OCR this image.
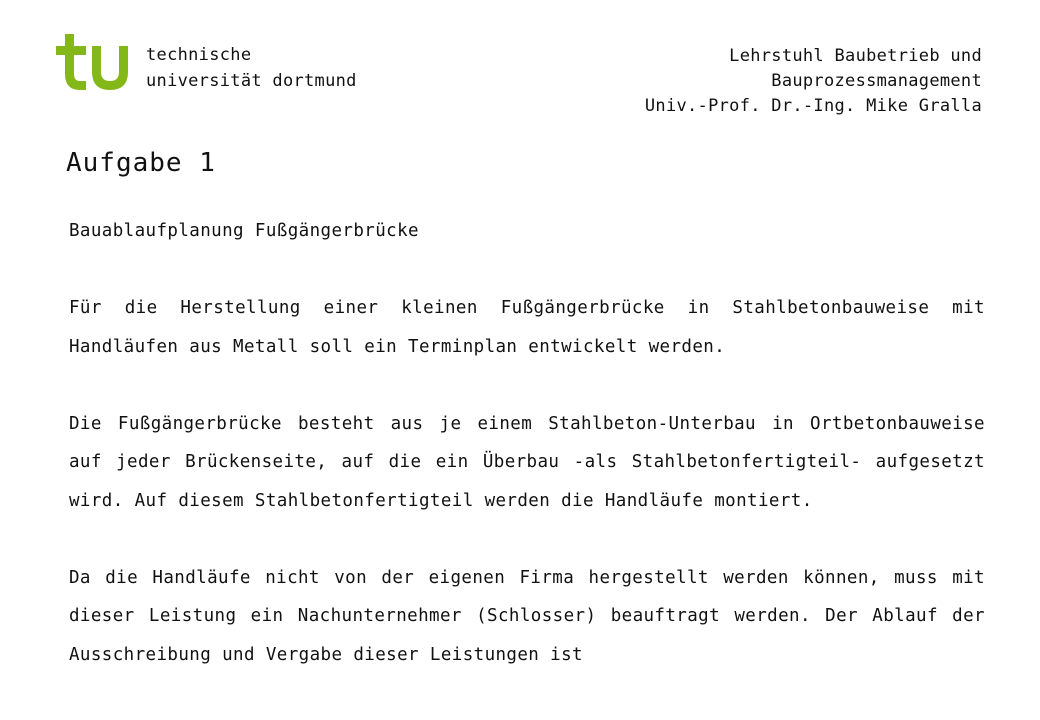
technische
universität dortmund
Lehrstuhl Baubetrieb und
Bauprozessmanagement
Univ.-Prof. Dr.-Ing. Mike Gralla
Aufgabe 1

Bauablaufplanung Fußgängerbrücke

Für die Herstellung einer kleinen Fußgängerbrücke in Stahlbetonbauweise mit Handläufen aus Metall soll ein Terminplan entwickelt werden.

Die Fußgängerbrücke besteht aus je einem Stahlbeton-Unterbau in Ortbetonbauweise auf jeder Brückenseite, auf die ein Überbau -als Stahlbetonfertigteil- aufgesetzt wird. Auf diesem Stahlbetonfertigteil werden die Handläufe montiert.

Da die Handläufe nicht von der eigenen Firma hergestellt werden können, muss mit dieser Leistung ein Nachunternehmer (Schlosser) beauftragt werden. Der Ablauf der Ausschreibung und Vergabe dieser Leistungen ist
